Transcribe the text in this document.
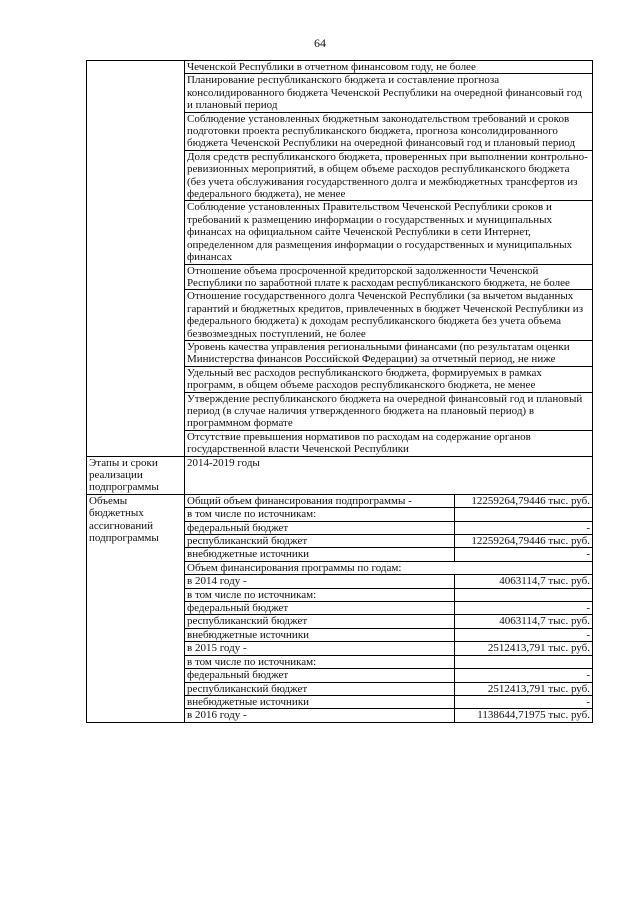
64
	Чеченской Республики в отчетном финансовом году, не более	
	Планирование республиканского бюджета и составление прогноза консолидированного бюджета Чеченской Республики на очередной финансовый год и плановый период	
	Соблюдение установленных бюджетным законодательством требований и сроков подготовки проекта республиканского бюджета, прогноза консолидированного бюджета Чеченской Республики на очередной финансовый год и плановый период	
	Доля средств республиканского бюджета, проверенных при выполнении контрольно-ревизионных мероприятий, в общем объеме расходов республиканского бюджета (без учета обслуживания государственного долга и межбюджетных трансфертов из федерального бюджета), не менее	
	Соблюдение установленных Правительством Чеченской Республики сроков и требований к размещению информации о государственных и муниципальных финансах на официальном сайте Чеченской Республики в сети Интернет, определенном для размещения информации о государственных и муниципальных финансах	
	Отношение объема просроченной кредиторской задолженности Чеченской Республики по заработной плате к расходам республиканского бюджета, не более	
	Отношение государственного долга Чеченской Республики (за вычетом выданных гарантий и бюджетных кредитов, привлеченных в бюджет Чеченской Республики из федерального бюджета) к доходам республиканского бюджета без учета объема безвозмездных поступлений, не более	
	Уровень качества управления региональными финансами (по результатам оценки Министерства финансов Российской Федерации) за отчетный период, не ниже	
	Удельный вес расходов республиканского бюджета, формируемых в рамках программ, в общем объеме расходов республиканского бюджета, не менее	
	Утверждение республиканского бюджета на очередной финансовый год и плановый период (в случае наличия утвержденного бюджета на плановый период) в программном формате	
	Отсутствие превышения нормативов по расходам на содержание органов государственной власти Чеченской Республики	
Этапы и сроки реализации подпрограммы	2014-2019 годы	
Объемы бюджетных ассигнований подпрограммы	Общий объем финансирования подпрограммы -	12259264,79446 тыс. руб.
	в том числе по источникам:	
	федеральный бюджет	-
	республиканский бюджет	12259264,79446 тыс. руб.
	внебюджетные источники	-
	Объем финансирования программы по годам:	
	в 2014 году -	4063114,7 тыс. руб.
	в том числе по источникам:	
	федеральный бюджет	-
	республиканский бюджет	4063114,7 тыс. руб.
	внебюджетные источники	-
	в 2015 году -	2512413,791 тыс. руб.
	в том числе по источникам:	
	федеральный бюджет	-
	республиканский бюджет	2512413,791 тыс. руб.
	внебюджетные источники	-
	в 2016 году -	1138644,71975 тыс. руб.
